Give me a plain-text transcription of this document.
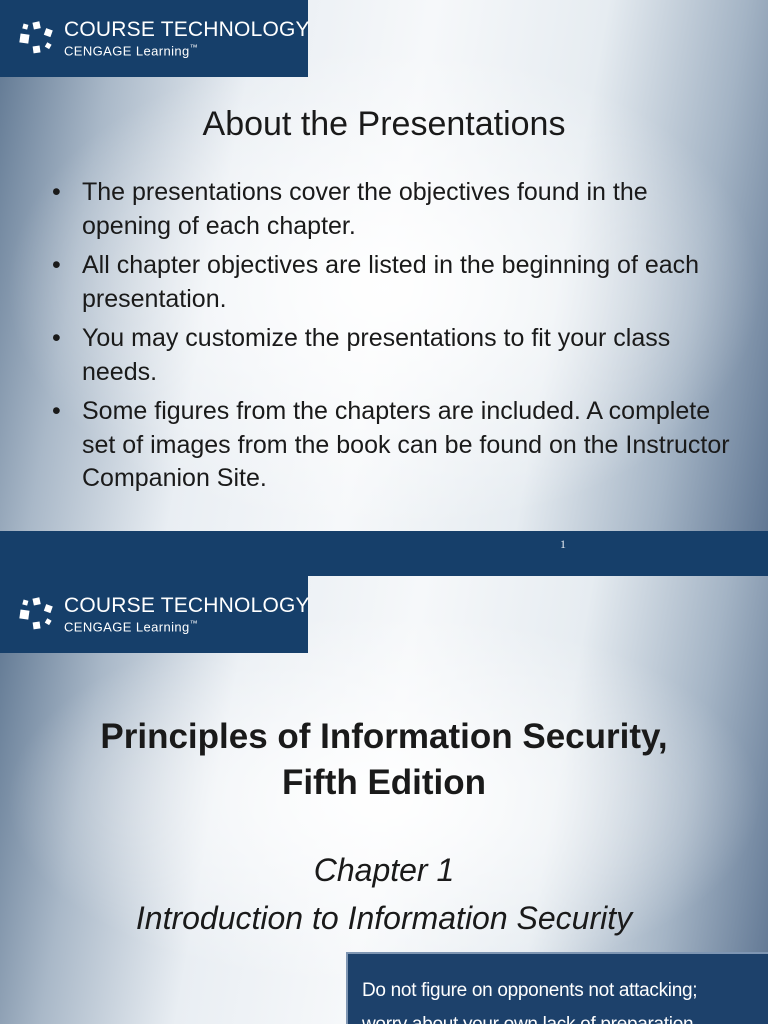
COURSE TECHNOLOGY
CENGAGE Learning™
About the Presentations
• The presentations cover the objectives found in the opening of each chapter.
• All chapter objectives are listed in the beginning of each presentation.
• You may customize the presentations to fit your class needs.
• Some figures from the chapters are included. A complete set of images from the book can be found on the Instructor Companion Site.
1
COURSE TECHNOLOGY
CENGAGE Learning™
Principles of Information Security,
Fifth Edition
Chapter 1
Introduction to Information Security
Do not figure on opponents not attacking;
worry about your own lack of preparation.
